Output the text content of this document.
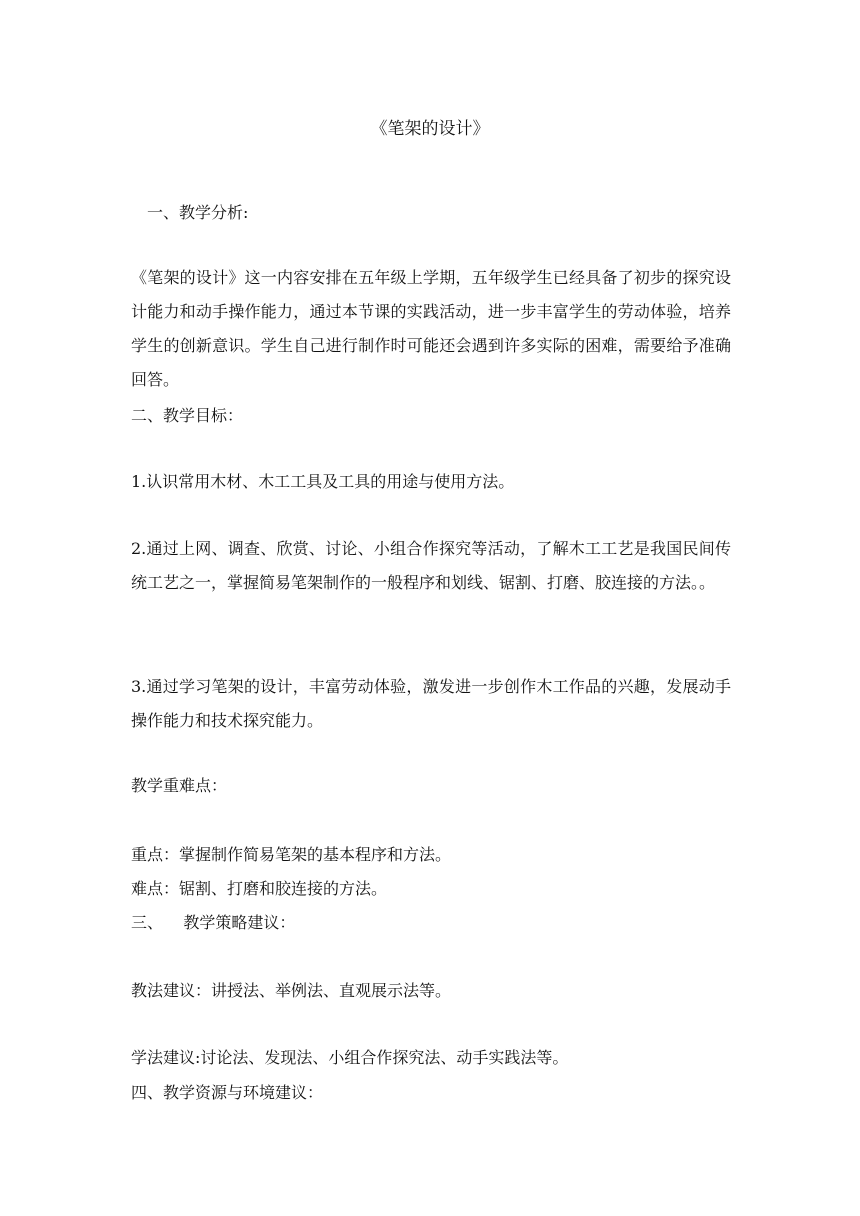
《笔架的设计》
一、教学分析:
《笔架的设计》这一内容安排在五年级上学期，五年级学生已经具备了初步的探究设计能力和动手操作能力，通过本节课的实践活动，进一步丰富学生的劳动体验，培养学生的创新意识。学生自己进行制作时可能还会遇到许多实际的困难，需要给予准确回答。
二、教学目标：
1.认识常用木材、木工工具及工具的用途与使用方法。
2.通过上网、调查、欣赏、讨论、小组合作探究等活动，了解木工工艺是我国民间传统工艺之一，掌握简易笔架制作的一般程序和划线、锯割、打磨、胶连接的方法。。
3.通过学习笔架的设计，丰富劳动体验，激发进一步创作木工作品的兴趣，发展动手操作能力和技术探究能力。
教学重难点：
重点：掌握制作简易笔架的基本程序和方法。
难点：锯割、打磨和胶连接的方法。
三、    教学策略建议：
教法建议：讲授法、举例法、直观展示法等。
学法建议:讨论法、发现法、小组合作探究法、动手实践法等。
四、教学资源与环境建议：
